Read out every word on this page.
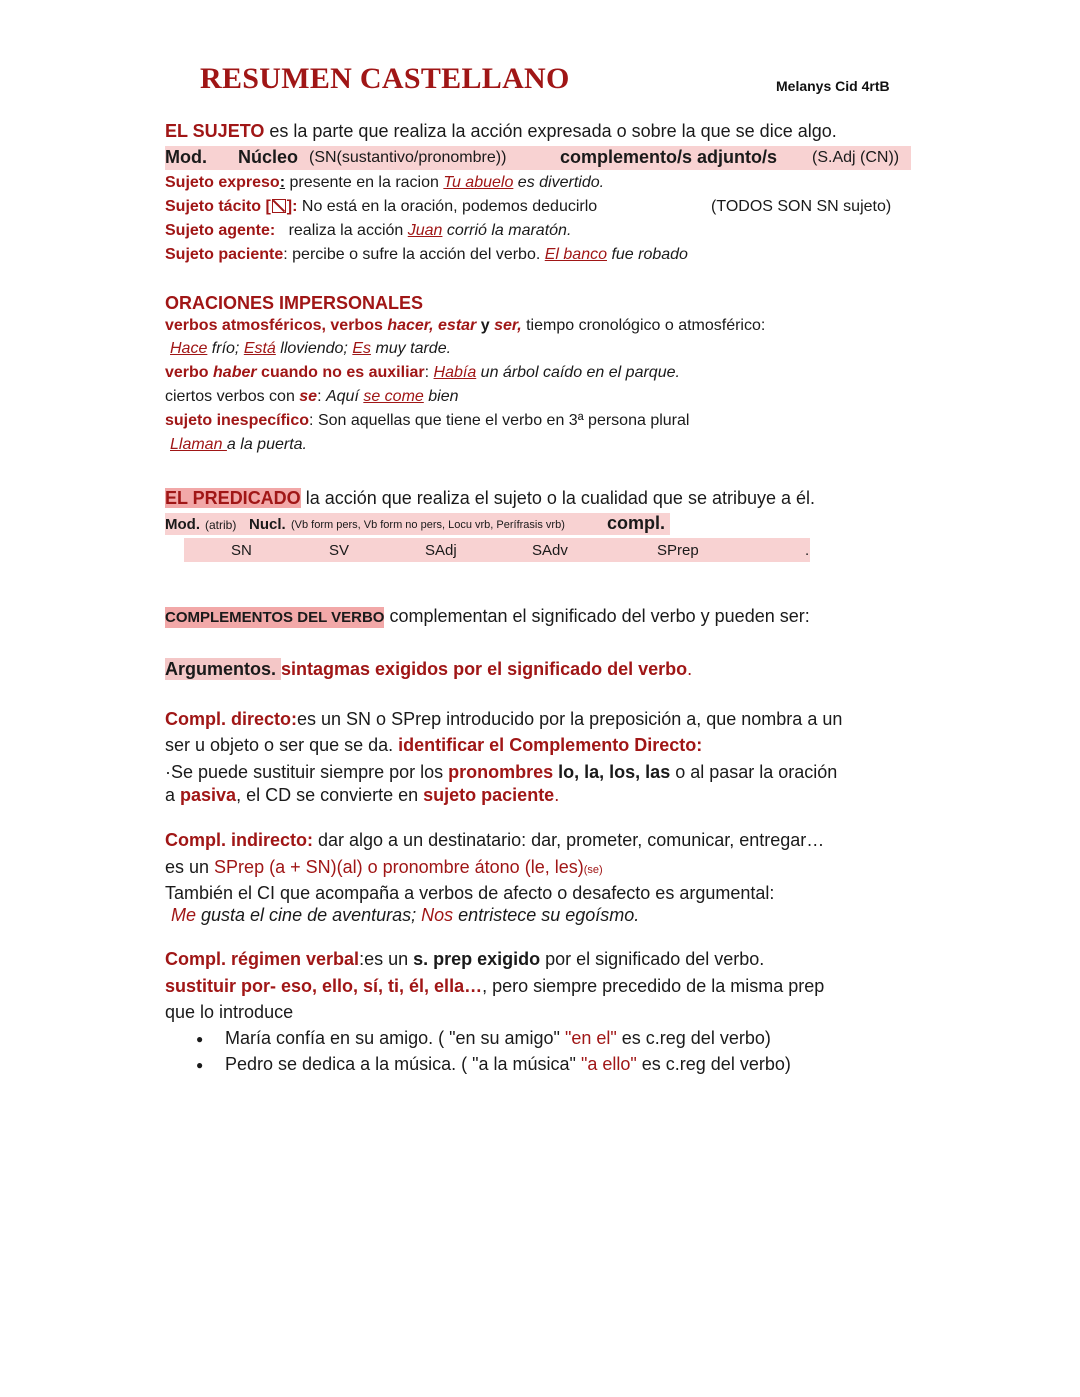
RESUMEN CASTELLANO	Melanys Cid 4rtB
EL SUJETO es la parte que realiza la acción expresada o sobre la que se dice algo.
Mod. Núcleo (SN(sustantivo/pronombre))	complemento/s adjunto/s (S.Adj (CN))
Sujeto expreso: presente en la racion Tu abuelo es divertido.
Sujeto tácito [ ]: No está en la oración, podemos deducirlo	(TODOS SON SN sujeto)
Sujeto agente: realiza la acción Juan corrió la maratón.
Sujeto paciente: percibe o sufre la acción del verbo. El banco fue robado
ORACIONES IMPERSONALES
verbos atmosféricos, verbos hacer, estar y ser, tiempo cronológico o atmosférico:
Hace frío; Está lloviendo; Es muy tarde.
verbo haber cuando no es auxiliar: Había un árbol caído en el parque.
ciertos verbos con se: Aquí se come bien
sujeto inespecífico: Son aquellas que tiene el verbo en 3ª persona plural
Llaman a la puerta.
EL PREDICADO la acción que realiza el sujeto o la cualidad que se atribuye a él.
Mod. (atrib) Nucl. (Vb form pers, Vb form no pers, Locu vrb, Perífrasis vrb) compl.
SN	SV	SAdj	SAdv	SPrep	.
COMPLEMENTOS DEL VERBO complementan el significado del verbo y pueden ser:
Argumentos. sintagmas exigidos por el significado del verbo.
Compl. directo:es un SN o SPrep introducido por la preposición a, que nombra a un
ser u objeto o ser que se da. identificar el Complemento Directo:
·Se puede sustituir siempre por los pronombres lo, la, los, las o al pasar la oración
a pasiva, el CD se convierte en sujeto paciente.
Compl. indirecto: dar algo a un destinatario: dar, prometer, comunicar, entregar…
es un SPrep (a + SN)(al) o pronombre átono (le, les)(se)
También el CI que acompaña a verbos de afecto o desafecto es argumental:
Me gusta el cine de aventuras; Nos entristece su egoísmo.
Compl. régimen verbal:es un s. prep exigido por el significado del verbo.
sustituir por- eso, ello, sí, ti, él, ella…, pero siempre precedido de la misma prep
que lo introduce
● María confía en su amigo. ( "en su amigo" "en el" es c.reg del verbo)
● Pedro se dedica a la música. ( "a la música" "a ello" es c.reg del verbo)
